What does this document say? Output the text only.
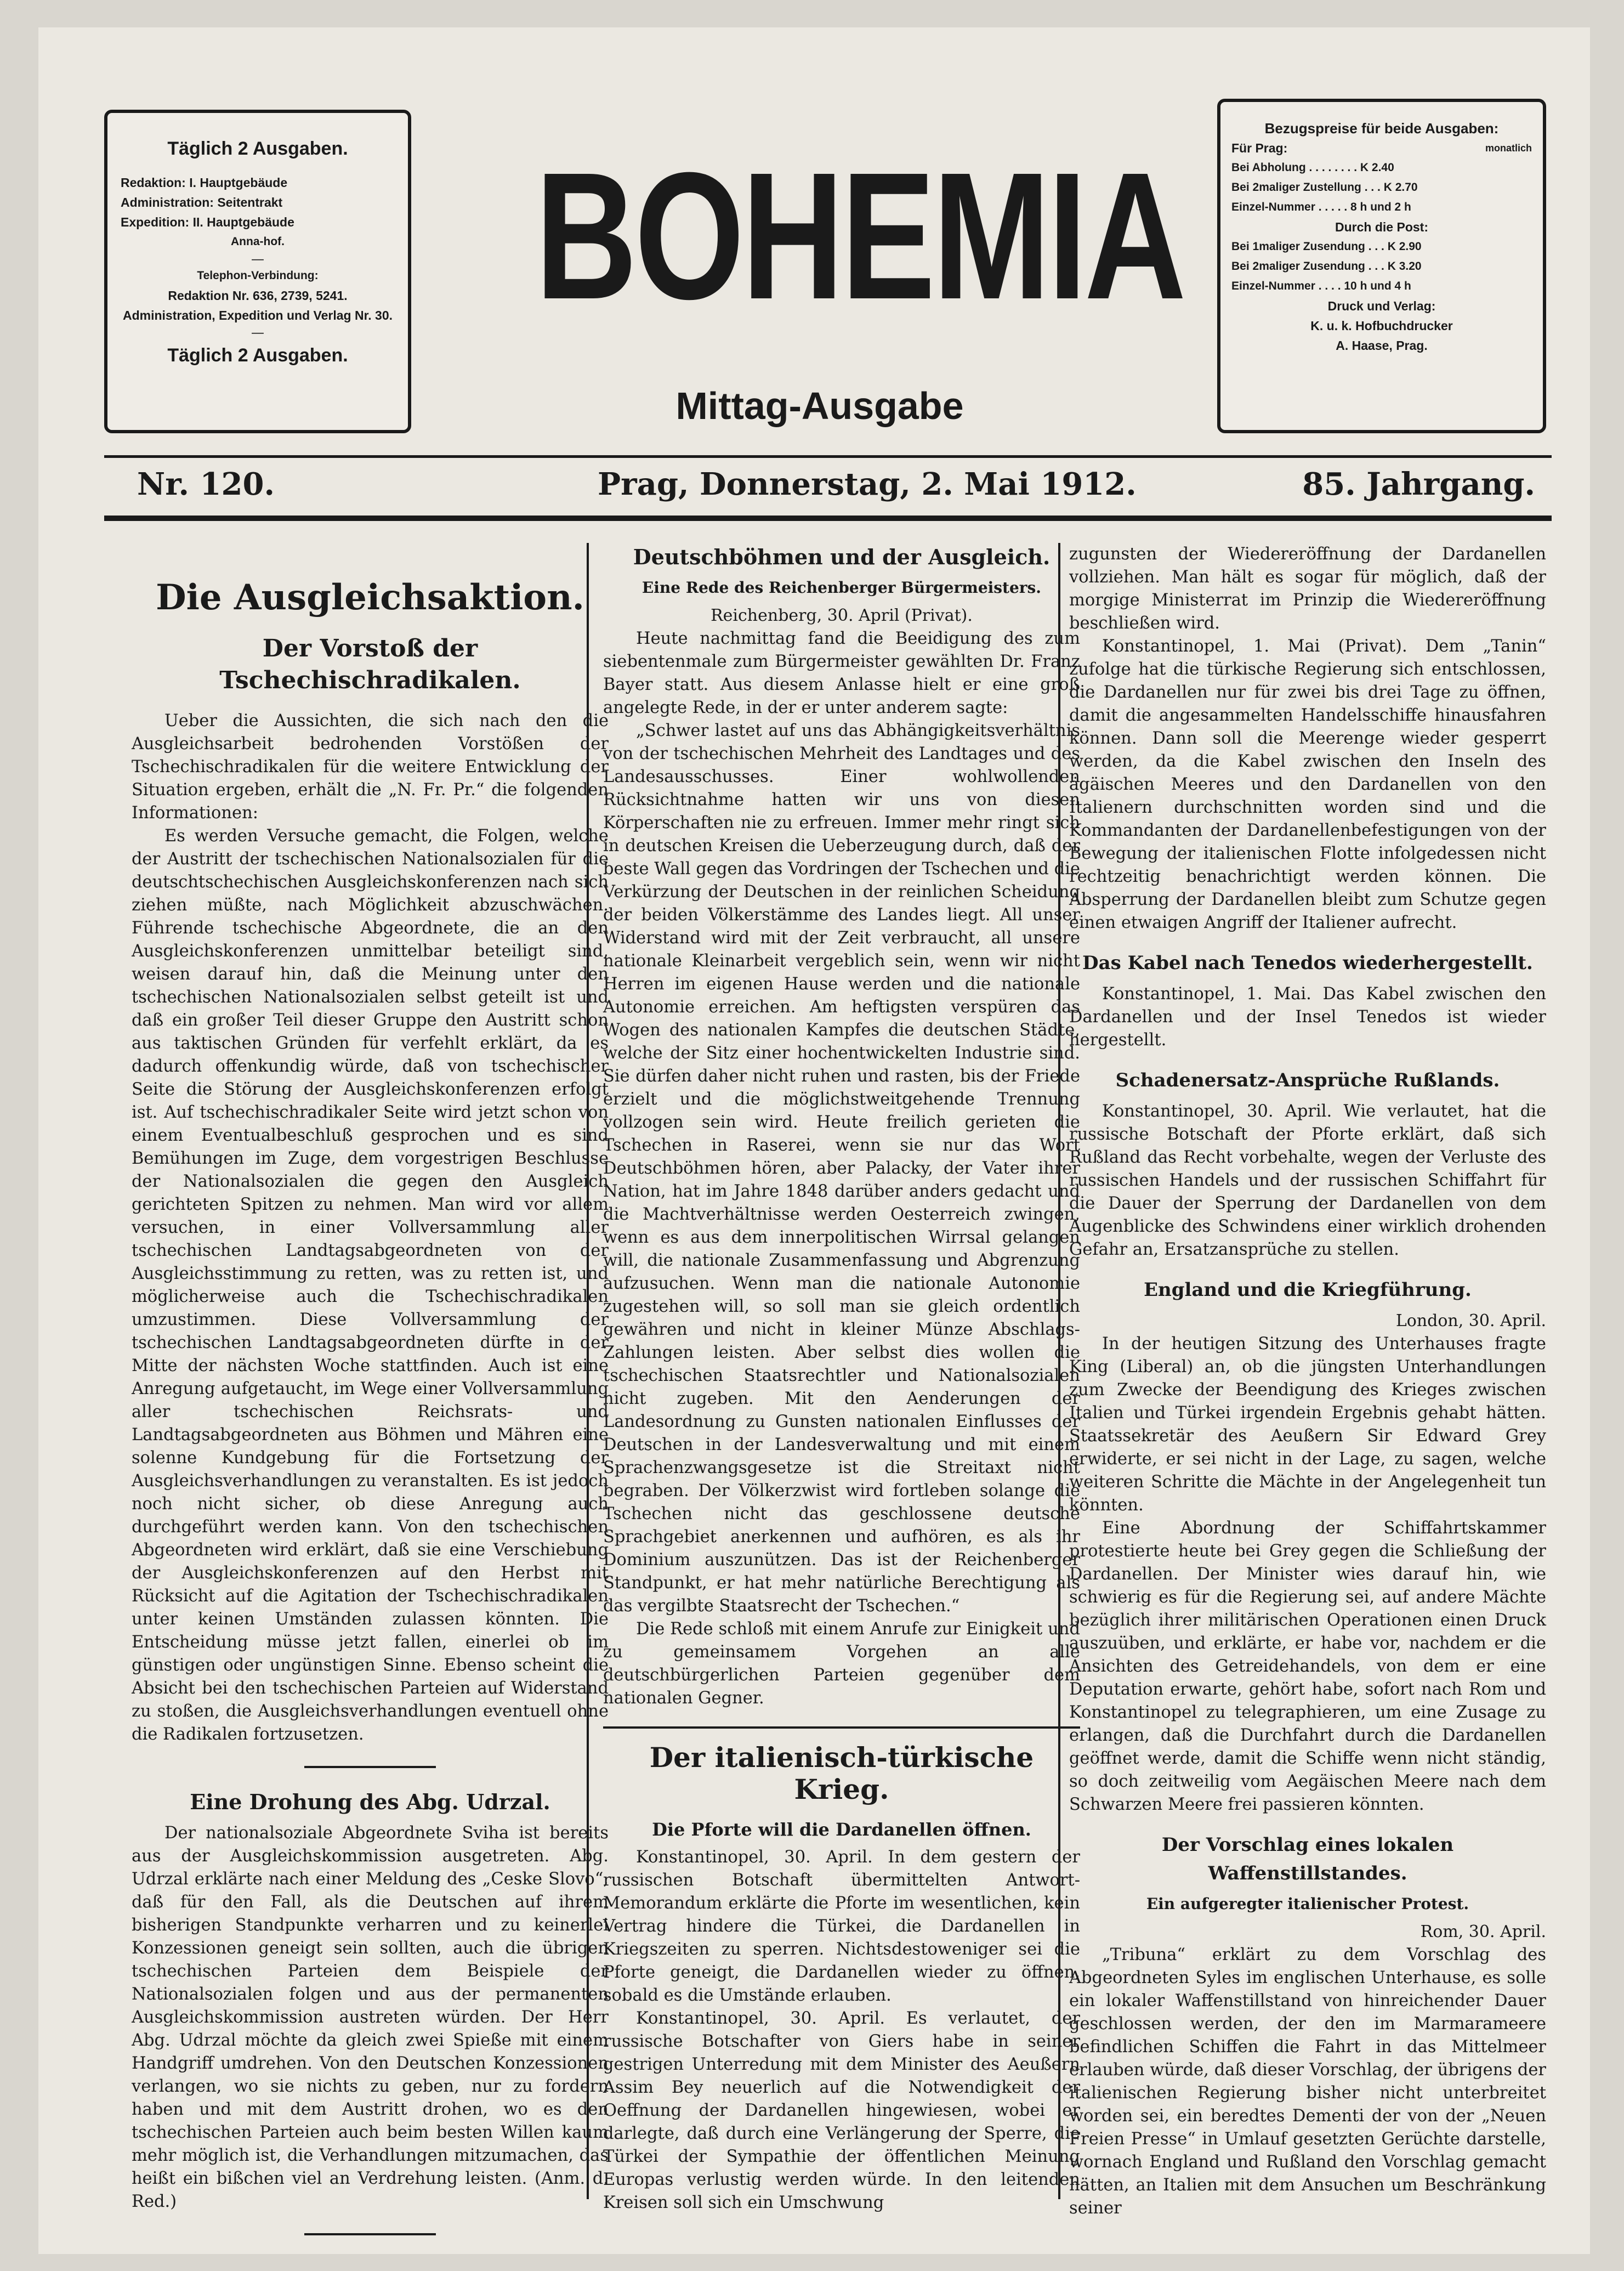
Täglich 2 Ausgaben.
Redaktion: I. Hauptgebäude
Administration: Seitentrakt
Expedition: II. Hauptgebäude
Anna-hof.
—
Telephon-Verbindung:
Redaktion Nr. 636, 2739, 5241.
Administration, Expedition und Verlag Nr. 30.
—
Täglich 2 Ausgaben.
BOHEMIA
Mittag-Ausgabe
Bezugspreise für beide Ausgaben:
Für Prag:	monatlich
Bei Abholung . . . . . . . . K 2.40
Bei 2maliger Zustellung . . . K 2.70
Einzel-Nummer . . . . . 8 h und 2 h
Durch die Post:
Bei 1maliger Zusendung . . . K 2.90
Bei 2maliger Zusendung . . . K 3.20
Einzel-Nummer . . . . 10 h und 4 h
Druck und Verlag:
K. u. k. Hofbuchdrucker
A. Haase, Prag.
Nr. 120.	Prag, Donnerstag, 2. Mai 1912.	85. Jahrgang.
Die Ausgleichsaktion.
Der Vorstoß der Tschechischradikalen.

Ueber die Aussichten, die sich nach den die Ausgleichsarbeit bedrohenden Vorstößen der Tschechischradikalen für die weitere Entwicklung der Situation ergeben, erhält die „N. Fr. Pr.“ die folgenden Informationen:

Es werden Versuche gemacht, die Folgen, welche der Austritt der tschechischen Nationalsozialen für die deutschtschechischen Ausgleichskonferenzen nach sich ziehen müßte, nach Möglichkeit abzuschwächen. Führende tschechische Abgeordnete, die an den Ausgleichskonferenzen unmittelbar beteiligt sind, weisen darauf hin, daß die Meinung unter den tschechischen Nationalsozialen selbst geteilt ist und daß ein großer Teil dieser Gruppe den Austritt schon aus taktischen Gründen für verfehlt erklärt, da es dadurch offenkundig würde, daß von tschechischer Seite die Störung der Ausgleichskonferenzen erfolgt ist. Auf tschechischradikaler Seite wird jetzt schon von einem Eventualbeschluß gesprochen und es sind Bemühungen im Zuge, dem vorgestrigen Beschlusse der Nationalsozialen die gegen den Ausgleich gerichteten Spitzen zu nehmen. Man wird vor allem versuchen, in einer Vollversammlung aller tschechischen Landtagsabgeordneten von der Ausgleichsstimmung zu retten, was zu retten ist, und möglicherweise auch die Tschechischradikalen umzustimmen. Diese Vollversammlung der tschechischen Landtagsabgeordneten dürfte in der Mitte der nächsten Woche stattfinden. Auch ist eine Anregung aufgetaucht, im Wege einer Vollversammlung aller tschechischen Reichsrats- und Landtagsabgeordneten aus Böhmen und Mähren eine solenne Kundgebung für die Fortsetzung der Ausgleichsverhandlungen zu veranstalten. Es ist jedoch noch nicht sicher, ob diese Anregung auch durchgeführt werden kann. Von den tschechischen Abgeordneten wird erklärt, daß sie eine Verschiebung der Ausgleichskonferenzen auf den Herbst mit Rücksicht auf die Agitation der Tschechischradikalen unter keinen Umständen zulassen könnten. Die Entscheidung müsse jetzt fallen, einerlei ob im günstigen oder ungünstigen Sinne. Ebenso scheint die Absicht bei den tschechischen Parteien auf Widerstand zu stoßen, die Ausgleichsverhandlungen eventuell ohne die Radikalen fortzusetzen.

Eine Drohung des Abg. Udrzal.

Der nationalsoziale Abgeordnete Sviha ist bereits aus der Ausgleichskommission ausgetreten. Abg. Udrzal erklärte nach einer Meldung des „Ceske Slovo“, daß für den Fall, als die Deutschen auf ihrem bisherigen Standpunkte verharren und zu keinerlei Konzessionen geneigt sein sollten, auch die übrigen tschechischen Parteien dem Beispiele der Nationalsozialen folgen und aus der permanenten Ausgleichskommission austreten würden. Der Herr Abg. Udrzal möchte da gleich zwei Spieße mit einem Handgriff umdrehen. Von den Deutschen Konzessionen verlangen, wo sie nichts zu geben, nur zu fordern haben und mit dem Austritt drohen, wo es den tschechischen Parteien auch beim besten Willen kaum mehr möglich ist, die Verhandlungen mitzumachen, das heißt ein bißchen viel an Verdrehung leisten. (Anm. d. Red.)

Deutschböhmen und der Ausgleich.
Eine Rede des Reichenberger Bürgermeisters.
Reichenberg, 30. April (Privat).

Heute nachmittag fand die Beeidigung des zum siebentenmale zum Bürgermeister gewählten Dr. Franz Bayer statt. Aus diesem Anlasse hielt er eine groß angelegte Rede, in der er unter anderem sagte:

„Schwer lastet auf uns das Abhängigkeitsverhältnis von der tschechischen Mehrheit des Landtages und des Landesausschusses. Einer wohlwollenden Rücksichtnahme hatten wir uns von diesen Körperschaften nie zu erfreuen. Immer mehr ringt sich in deutschen Kreisen die Ueberzeugung durch, daß der beste Wall gegen das Vordringen der Tschechen und die Verkürzung der Deutschen in der reinlichen Scheidung der beiden Völkerstämme des Landes liegt. All unser Widerstand wird mit der Zeit verbraucht, all unsere nationale Kleinarbeit vergeblich sein, wenn wir nicht Herren im eigenen Hause werden und die nationale Autonomie erreichen. Am heftigsten verspüren das Wogen des nationalen Kampfes die deutschen Städte, welche der Sitz einer hochentwickelten Industrie sind. Sie dürfen daher nicht ruhen und rasten, bis der Friede erzielt und die möglichstweitgehende Trennung vollzogen sein wird. Heute freilich gerieten die Tschechen in Raserei, wenn sie nur das Wort Deutschböhmen hören, aber Palacky, der Vater ihrer Nation, hat im Jahre 1848 darüber anders gedacht und die Machtverhältnisse werden Oesterreich zwingen, wenn es aus dem innerpolitischen Wirrsal gelangen will, die nationale Zusammenfassung und Abgrenzung aufzusuchen. Wenn man die nationale Autonomie zugestehen will, so soll man sie gleich ordentlich gewähren und nicht in kleiner Münze Abschlags-Zahlungen leisten. Aber selbst dies wollen die tschechischen Staatsrechtler und Nationalsozialen nicht zugeben. Mit den Aenderungen der Landesordnung zu Gunsten nationalen Einflusses der Deutschen in der Landesverwaltung und mit einem Sprachenzwangsgesetze ist die Streitaxt nicht begraben. Der Völkerzwist wird fortleben solange die Tschechen nicht das geschlossene deutsche Sprachgebiet anerkennen und aufhören, es als ihr Dominium auszunützen. Das ist der Reichenberger Standpunkt, er hat mehr natürliche Berechtigung als das vergilbte Staatsrecht der Tschechen.“

Die Rede schloß mit einem Anrufe zur Einigkeit und zu gemeinsamem Vorgehen an alle deutschbürgerlichen Parteien gegenüber dem nationalen Gegner.

Der italienisch-türkische Krieg.
Die Pforte will die Dardanellen öffnen.

Konstantinopel, 30. April. In dem gestern der russischen Botschaft übermittelten Antwort-Memorandum erklärte die Pforte im wesentlichen, kein Vertrag hindere die Türkei, die Dardanellen in Kriegszeiten zu sperren. Nichtsdestoweniger sei die Pforte geneigt, die Dardanellen wieder zu öffnen, sobald es die Umstände erlauben.

Konstantinopel, 30. April. Es verlautet, der russische Botschafter von Giers habe in seiner gestrigen Unterredung mit dem Minister des Aeußern Assim Bey neuerlich auf die Notwendigkeit der Oeffnung der Dardanellen hingewiesen, wobei er darlegte, daß durch eine Verlängerung der Sperre, die Türkei der Sympathie der öffentlichen Meinung Europas verlustig werden würde. In den leitenden Kreisen soll sich ein Umschwung

zugunsten der Wiedereröffnung der Dardanellen vollziehen. Man hält es sogar für möglich, daß der morgige Ministerrat im Prinzip die Wiedereröffnung beschließen wird.

Konstantinopel, 1. Mai (Privat). Dem „Tanin“ zufolge hat die türkische Regierung sich entschlossen, die Dardanellen nur für zwei bis drei Tage zu öffnen, damit die angesammelten Handelsschiffe hinausfahren können. Dann soll die Meerenge wieder gesperrt werden, da die Kabel zwischen den Inseln des ägäischen Meeres und den Dardanellen von den Italienern durchschnitten worden sind und die Kommandanten der Dardanellenbefestigungen von der Bewegung der italienischen Flotte infolgedessen nicht rechtzeitig benachrichtigt werden können. Die Absperrung der Dardanellen bleibt zum Schutze gegen einen etwaigen Angriff der Italiener aufrecht.

Das Kabel nach Tenedos wiederhergestellt.

Konstantinopel, 1. Mai. Das Kabel zwischen den Dardanellen und der Insel Tenedos ist wieder hergestellt.

Schadenersatz-Ansprüche Rußlands.

Konstantinopel, 30. April. Wie verlautet, hat die russische Botschaft der Pforte erklärt, daß sich Rußland das Recht vorbehalte, wegen der Verluste des russischen Handels und der russischen Schiffahrt für die Dauer der Sperrung der Dardanellen von dem Augenblicke des Schwindens einer wirklich drohenden Gefahr an, Ersatzansprüche zu stellen.

England und die Kriegführung.
London, 30. April.

In der heutigen Sitzung des Unterhauses fragte King (Liberal) an, ob die jüngsten Unterhandlungen zum Zwecke der Beendigung des Krieges zwischen Italien und Türkei irgendein Ergebnis gehabt hätten. Staatssekretär des Aeußern Sir Edward Grey erwiderte, er sei nicht in der Lage, zu sagen, welche weiteren Schritte die Mächte in der Angelegenheit tun könnten.

Eine Abordnung der Schiffahrtskammer protestierte heute bei Grey gegen die Schließung der Dardanellen. Der Minister wies darauf hin, wie schwierig es für die Regierung sei, auf andere Mächte bezüglich ihrer militärischen Operationen einen Druck auszuüben, und erklärte, er habe vor, nachdem er die Ansichten des Getreidehandels, von dem er eine Deputation erwarte, gehört habe, sofort nach Rom und Konstantinopel zu telegraphieren, um eine Zusage zu erlangen, daß die Durchfahrt durch die Dardanellen geöffnet werde, damit die Schiffe wenn nicht ständig, so doch zeitweilig vom Aegäischen Meere nach dem Schwarzen Meere frei passieren könnten.

Der Vorschlag eines lokalen Waffenstillstandes.
Ein aufgeregter italienischer Protest.
Rom, 30. April.

„Tribuna“ erklärt zu dem Vorschlag des Abgeordneten Syles im englischen Unterhause, es solle ein lokaler Waffenstillstand von hinreichender Dauer geschlossen werden, der den im Marmarameere befindlichen Schiffen die Fahrt in das Mittelmeer erlauben würde, daß dieser Vorschlag, der übrigens der italienischen Regierung bisher nicht unterbreitet worden sei, ein beredtes Dementi der von der „Neuen Freien Presse“ in Umlauf gesetzten Gerüchte darstelle, wornach England und Rußland den Vorschlag gemacht hätten, an Italien mit dem Ansuchen um Beschränkung seiner
